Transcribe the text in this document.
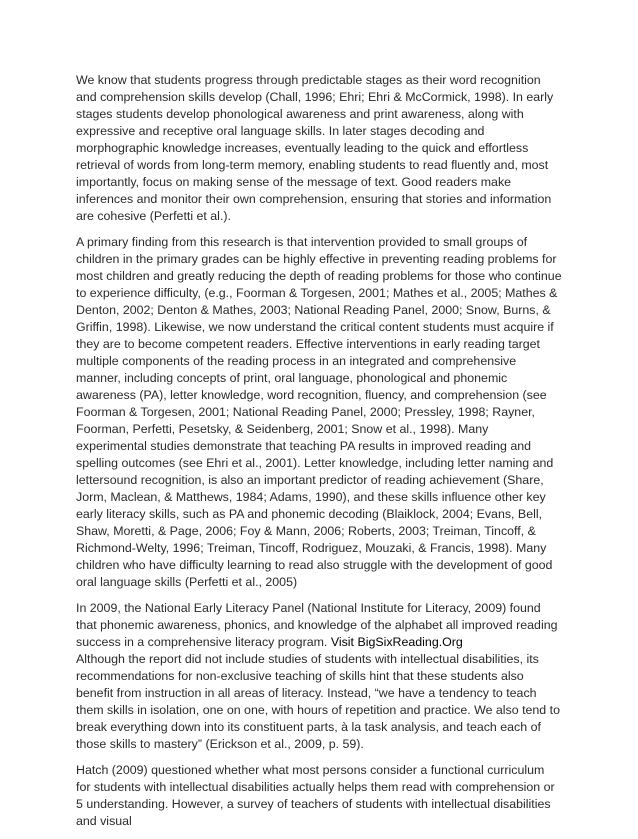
We know that students progress through predictable stages as their word recognition and comprehension skills develop (Chall, 1996; Ehri; Ehri & McCormick, 1998). In early stages students develop phonological awareness and print awareness, along with expressive and receptive oral language skills. In later stages decoding and morphographic knowledge increases, eventually leading to the quick and effortless retrieval of words from long-term memory, enabling students to read fluently and, most importantly, focus on making sense of the message of text. Good readers make inferences and monitor their own comprehension, ensuring that stories and information are cohesive (Perfetti et al.).

A primary finding from this research is that intervention provided to small groups of children in the primary grades can be highly effective in preventing reading problems for most children and greatly reducing the depth of reading problems for those who continue to experience difficulty, (e.g., Foorman & Torgesen, 2001; Mathes et al., 2005; Mathes & Denton, 2002; Denton & Mathes, 2003; National Reading Panel, 2000; Snow, Burns, & Griffin, 1998). Likewise, we now understand the critical content students must acquire if they are to become competent readers. Effective interventions in early reading target multiple components of the reading process in an integrated and comprehensive manner, including concepts of print, oral language, phonological and phonemic awareness (PA), letter knowledge, word recognition, fluency, and comprehension (see Foorman & Torgesen, 2001; National Reading Panel, 2000; Pressley, 1998; Rayner, Foorman, Perfetti, Pesetsky, & Seidenberg, 2001; Snow et al., 1998). Many experimental studies demonstrate that teaching PA results in improved reading and spelling outcomes (see Ehri et al., 2001). Letter knowledge, including letter naming and lettersound recognition, is also an important predictor of reading achievement (Share, Jorm, Maclean, & Matthews, 1984; Adams, 1990), and these skills influence other key early literacy skills, such as PA and phonemic decoding (Blaiklock, 2004; Evans, Bell, Shaw, Moretti, & Page, 2006; Foy & Mann, 2006; Roberts, 2003; Treiman, Tincoff, & Richmond-Welty, 1996; Treiman, Tincoff, Rodriguez, Mouzaki, & Francis, 1998). Many children who have difficulty learning to read also struggle with the development of good oral language skills (Perfetti et al., 2005)

In 2009, the National Early Literacy Panel (National Institute for Literacy, 2009) found that phonemic awareness, phonics, and knowledge of the alphabet all improved reading success in a comprehensive literacy program. Visit BigSixReading.Org

Although the report did not include studies of students with intellectual disabilities, its recommendations for non-exclusive teaching of skills hint that these students also benefit from instruction in all areas of literacy. Instead, “we have a tendency to teach them skills in isolation, one on one, with hours of repetition and practice. We also tend to break everything down into its constituent parts, à la task analysis, and teach each of those skills to mastery” (Erickson et al., 2009, p. 59).

Hatch (2009) questioned whether what most persons consider a functional curriculum for students with intellectual disabilities actually helps them read with comprehension or 5 understanding. However, a survey of teachers of students with intellectual disabilities and visual
